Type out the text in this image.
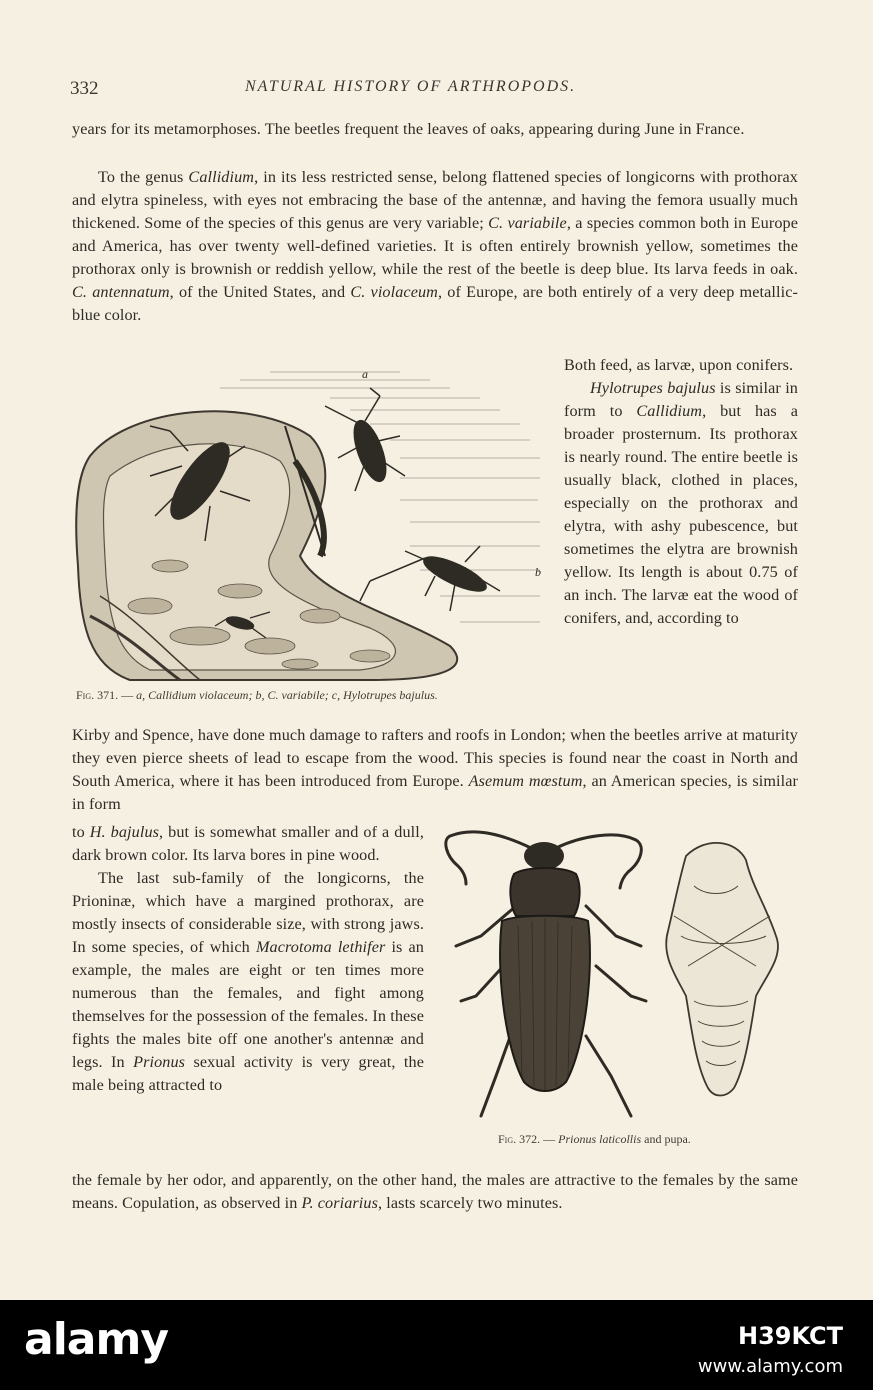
332	NATURAL HISTORY OF ARTHROPODS.

years for its metamorphoses. The beetles frequent the leaves of oaks, appearing during June in France.

To the genus Callidium, in its less restricted sense, belong flattened species of longicorns with prothorax and elytra spineless, with eyes not embracing the base of the antennæ, and having the femora usually much thickened. Some of the species of this genus are very variable; C. variabile, a species common both in Europe and America, has over twenty well-defined varieties. It is often entirely brownish yellow, sometimes the prothorax only is brownish or reddish yellow, while the rest of the beetle is deep blue. Its larva feeds in oak. C. antennatum, of the United States, and C. violaceum, of Europe, are both entirely of a very deep metallic-blue color.

Both feed, as larvæ, upon conifers.

Hylotrupes bajulus is similar in form to Callidium, but has a broader prosternum. Its prothorax is nearly round. The entire beetle is usually black, clothed in places, especially on the prothorax and elytra, with ashy pubescence, but sometimes the elytra are brownish yellow. Its length is about 0.75 of an inch. The larvæ eat the wood of conifers, and, according to

a
b
Fig. 371. — a, Callidium violaceum; b, C. variabile; c, Hylotrupes bajulus.

Kirby and Spence, have done much damage to rafters and roofs in London; when the beetles arrive at maturity they even pierce sheets of lead to escape from the wood. This species is found near the coast in North and South America, where it has been introduced from Europe. Asemum mœstum, an American species, is similar in form

to H. bajulus, but is somewhat smaller and of a dull, dark brown color. Its larva bores in pine wood.

The last sub-family of the longicorns, the Prioninæ, which have a margined prothorax, are mostly insects of considerable size, with strong jaws. In some species, of which Macrotoma lethifer is an example, the males are eight or ten times more numerous than the females, and fight among themselves for the possession of the females. In these fights the males bite off one another's antennæ and legs. In Prionus sexual activity is very great, the male being attracted to

Fig. 372. — Prionus laticollis and pupa.

the female by her odor, and apparently, on the other hand, the males are attractive to the females by the same means. Copulation, as observed in P. coriarius, lasts scarcely two minutes.

alamy	H39KCT
www.alamy.com
